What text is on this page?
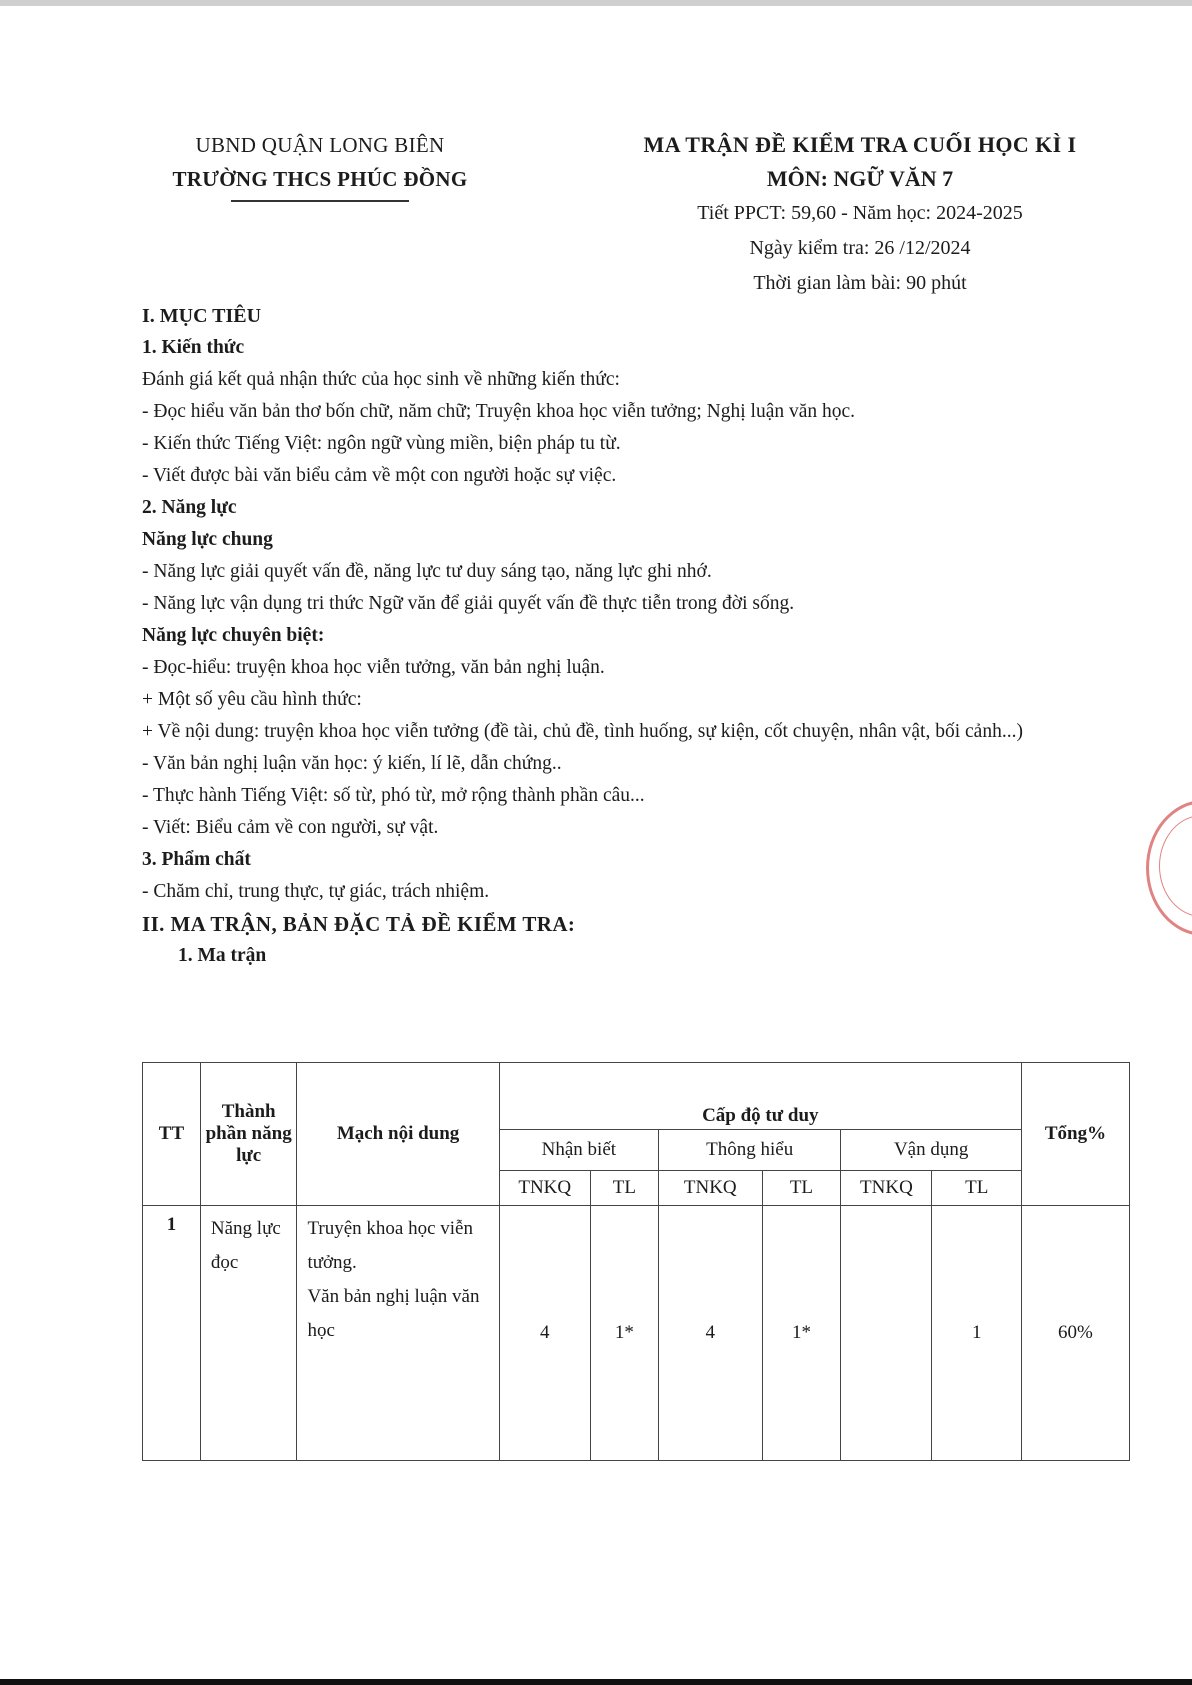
UBND QUẬN LONG BIÊN
TRƯỜNG THCS PHÚC ĐỒNG
MA TRẬN ĐỀ KIỂM TRA CUỐI HỌC KÌ I
MÔN: NGỮ VĂN 7
Tiết PPCT: 59,60 - Năm học: 2024-2025
Ngày kiểm tra: 26 /12/2024
Thời gian làm bài: 90 phút

I. MỤC TIÊU

1. Kiến thức

Đánh giá kết quả nhận thức của học sinh về những kiến thức:

- Đọc hiểu văn bản thơ bốn chữ, năm chữ; Truyện khoa học viễn tưởng; Nghị luận văn học.

- Kiến thức Tiếng Việt: ngôn ngữ vùng miền, biện pháp tu từ.

- Viết được bài văn biểu cảm về một con người hoặc sự việc.

2. Năng lực

Năng lực chung

- Năng lực giải quyết vấn đề, năng lực tư duy sáng tạo, năng lực ghi nhớ.

- Năng lực vận dụng tri thức Ngữ văn để giải quyết vấn đề thực tiễn trong đời sống.

Năng lực chuyên biệt:

- Đọc-hiểu: truyện khoa học viễn tưởng, văn bản nghị luận.

+ Một số yêu cầu hình thức:

+ Về nội dung: truyện khoa học viễn tưởng (đề tài, chủ đề, tình huống, sự kiện, cốt chuyện, nhân vật, bối cảnh...)

- Văn bản nghị luận văn học: ý kiến, lí lẽ, dẫn chứng..

- Thực hành Tiếng Việt: số từ, phó từ, mở rộng thành phần câu...

- Viết: Biểu cảm về con người, sự vật.

3. Phẩm chất

- Chăm chỉ, trung thực, tự giác, trách nhiệm.

II. MA TRẬN, BẢN ĐẶC TẢ ĐỀ KIỂM TRA:

1. Ma trận

TT	Thành phần năng lực	Mạch nội dung	Cấp độ tư duy						Tổng%
			Nhận biết		Thông hiểu		Vận dụng		
			TNKQ	TL	TNKQ	TL	TNKQ	TL	
1	Năng lực đọc	Truyện khoa học viễn tưởng.
Văn bản nghị luận văn học	4	1*	4	1*		1	60%
